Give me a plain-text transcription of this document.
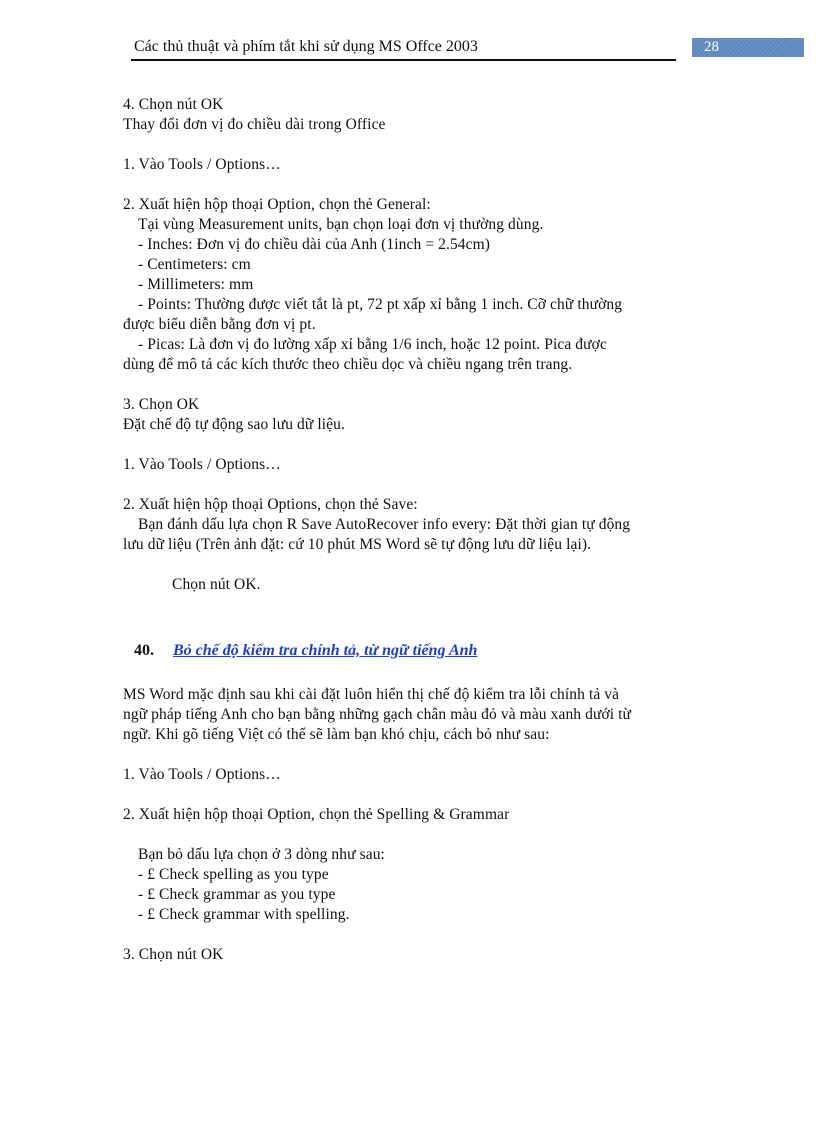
Các thủ thuật và phím tắt khi sử dụng MS Offce 2003	28
4. Chọn nút OK
Thay đổi đơn vị đo chiều dài trong Office
1. Vào Tools / Options…
2. Xuất hiện hộp thoại Option, chọn thẻ General:
Tại vùng Measurement units, bạn chọn loại đơn vị thường dùng.
- Inches: Đơn vị đo chiều dài của Anh (1inch = 2.54cm)
- Centimeters: cm
- Millimeters: mm
- Points: Thường được viết tắt là pt, 72 pt xấp xỉ bằng 1 inch. Cỡ chữ thường
được biểu diễn bằng đơn vị pt.
- Picas: Là đơn vị đo lường xấp xỉ bằng 1/6 inch, hoặc 12 point. Pica được
dùng để mô tả các kích thước theo chiều dọc và chiều ngang trên trang.
3. Chọn OK
Đặt chế độ tự động sao lưu dữ liệu.
1. Vào Tools / Options…
2. Xuất hiện hộp thoại Options, chọn thẻ Save:
Bạn đánh dấu lựa chọn R Save AutoRecover info every: Đặt thời gian tự động
lưu dữ liệu (Trên ảnh đặt: cứ 10 phút MS Word sẽ tự động lưu dữ liệu lại).
Chọn nút OK.
40. Bỏ chế độ kiểm tra chính tả, từ ngữ tiếng Anh
MS Word mặc định sau khi cài đặt luôn hiển thị chế độ kiểm tra lỗi chính tả và
ngữ pháp tiếng Anh cho bạn bằng những gạch chân màu đỏ và màu xanh dưới từ
ngữ. Khi gõ tiếng Việt có thể sẽ làm bạn khó chịu, cách bỏ như sau:
1. Vào Tools / Options…
2. Xuất hiện hộp thoại Option, chọn thẻ Spelling & Grammar
Bạn bỏ dấu lựa chọn ở 3 dòng như sau:
- £ Check spelling as you type
- £ Check grammar as you type
- £ Check grammar with spelling.
3. Chọn nút OK
